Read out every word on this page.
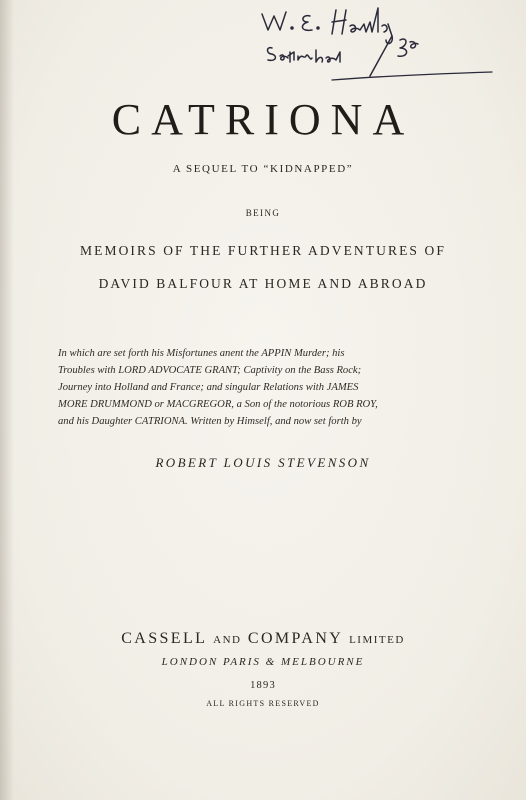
CATRIONA
A SEQUEL TO “KIDNAPPED”
BEING
MEMOIRS OF THE FURTHER ADVENTURES OF
DAVID BALFOUR AT HOME AND ABROAD

In which are set forth his Misfortunes anent the APPIN Murder; his

Troubles with LORD ADVOCATE GRANT; Captivity on the Bass Rock;

Journey into Holland and France; and singular Relations with JAMES

MORE DRUMMOND or MACGREGOR, a Son of the notorious ROB ROY,

and his Daughter CATRIONA. Written by Himself, and now set forth by

ROBERT LOUIS STEVENSON
CASSELL AND COMPANY LIMITED
LONDON PARIS & MELBOURNE
1893
ALL RIGHTS RESERVED
